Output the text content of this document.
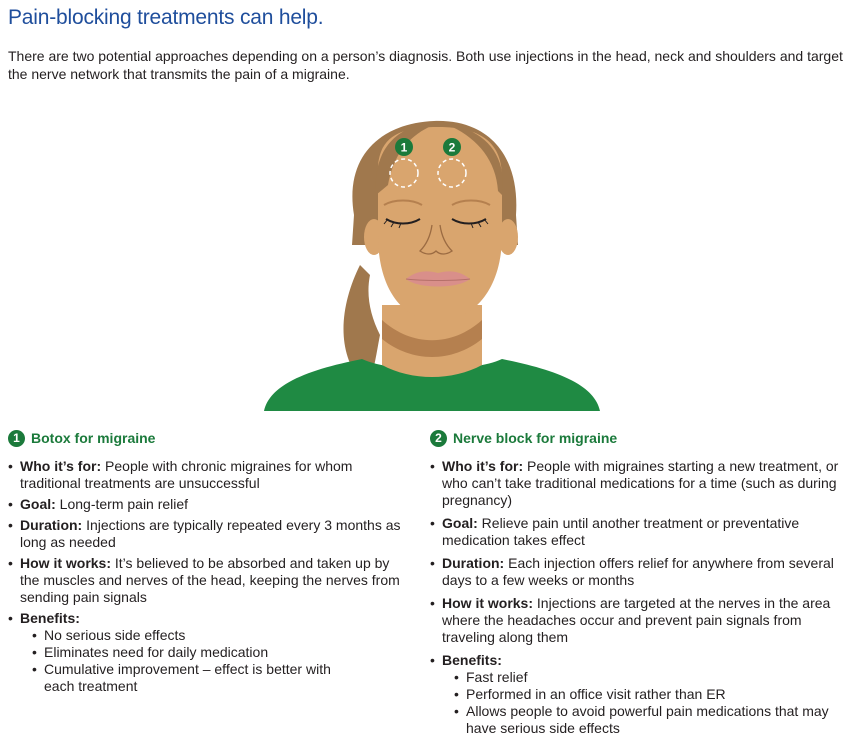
Pain-blocking treatments can help.

There are two potential approaches depending on a person’s diagnosis. Both use injections in the head, neck and shoulders and target the nerve network that transmits the pain of a migraine.

1	2
1 Botox for migraine
• Who it’s for: People with chronic migraines for whom traditional treatments are unsuccessful
• Goal: Long-term pain relief
• Duration: Injections are typically repeated every 3 months as long as needed
• How it works: It’s believed to be absorbed and taken up by the muscles and nerves of the head, keeping the nerves from sending pain signals
• Benefits:
• No serious side effects
• Eliminates need for daily medication
• Cumulative improvement – effect is better with each treatment
2 Nerve block for migraine
• Who it’s for: People with migraines starting a new treatment, or who can’t take traditional medications for a time (such as during pregnancy)
• Goal: Relieve pain until another treatment or preventative medication takes effect
• Duration: Each injection offers relief for anywhere from several days to a few weeks or months
• How it works: Injections are targeted at the nerves in the area where the headaches occur and prevent pain signals from traveling along them
• Benefits:
• Fast relief
• Performed in an office visit rather than ER
• Allows people to avoid powerful pain medications that may have serious side effects
